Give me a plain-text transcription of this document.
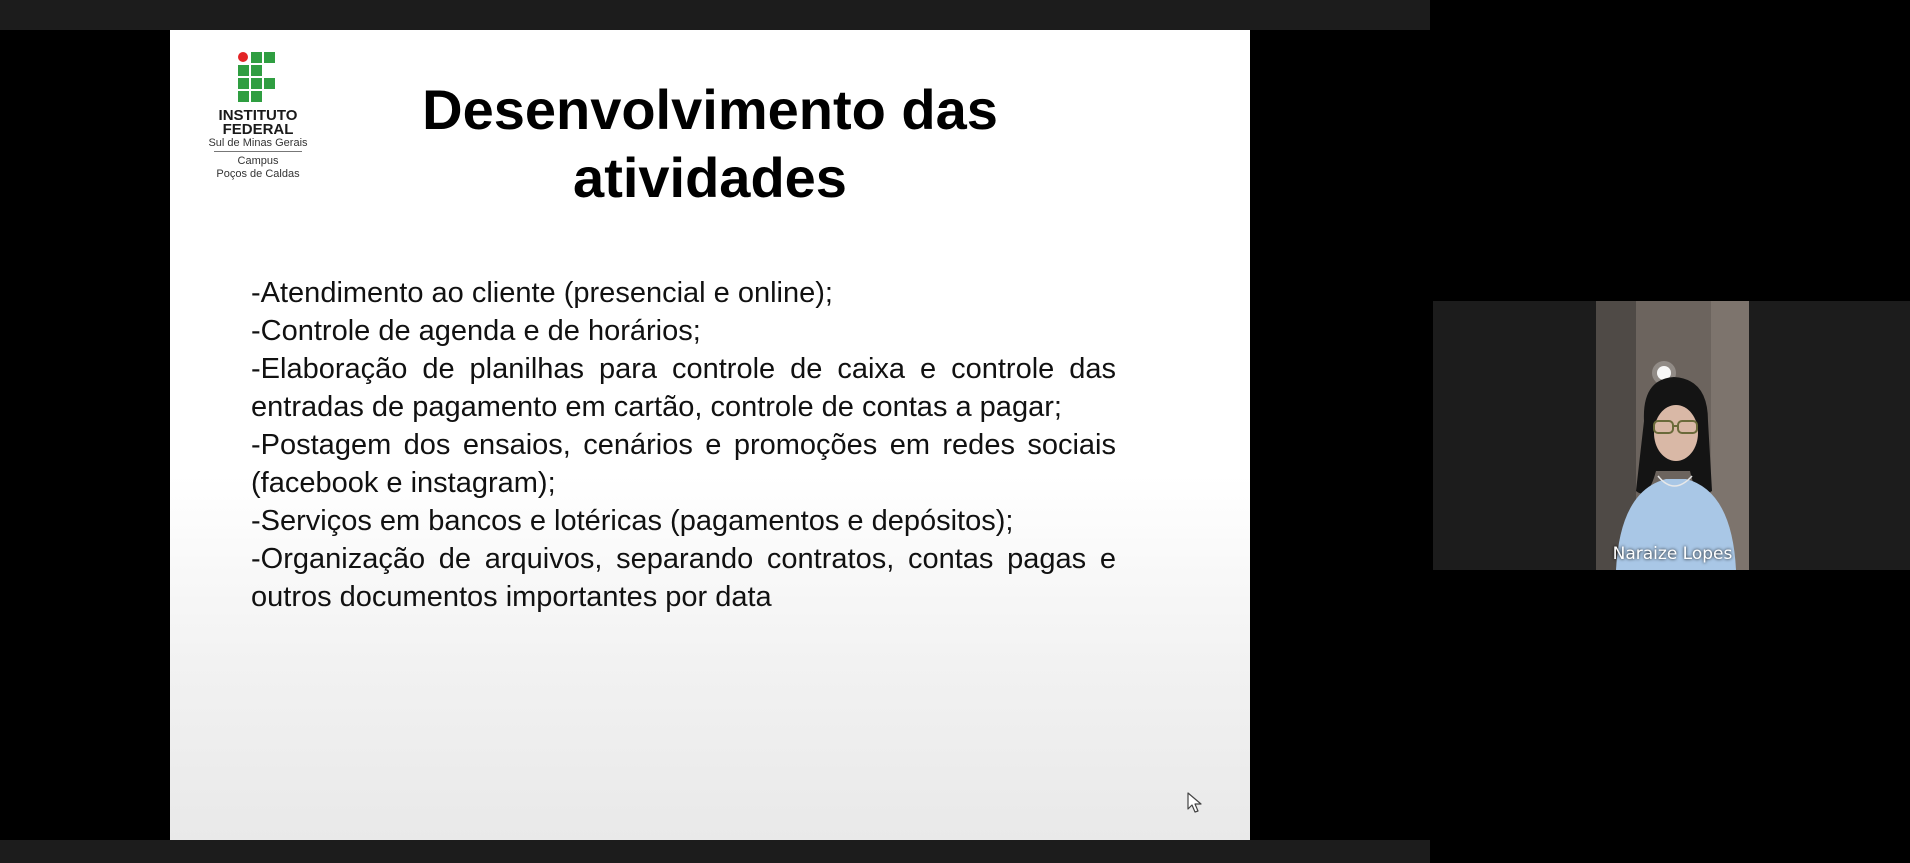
INSTITUTO
FEDERAL
Sul de Minas Gerais
Campus
Poços de Caldas
Desenvolvimento das
atividades
-Atendimento ao cliente (presencial e online);
-Controle de agenda e de horários;
-Elaboração de planilhas para controle de caixa e controle das entradas de pagamento em cartão, controle de contas a pagar;
-Postagem dos ensaios, cenários e promoções em redes sociais (facebook e instagram);
-Serviços em bancos e lotéricas (pagamentos e depósitos);
-Organização de arquivos, separando contratos, contas pagas e outros documentos importantes por data
Naraize Lopes
